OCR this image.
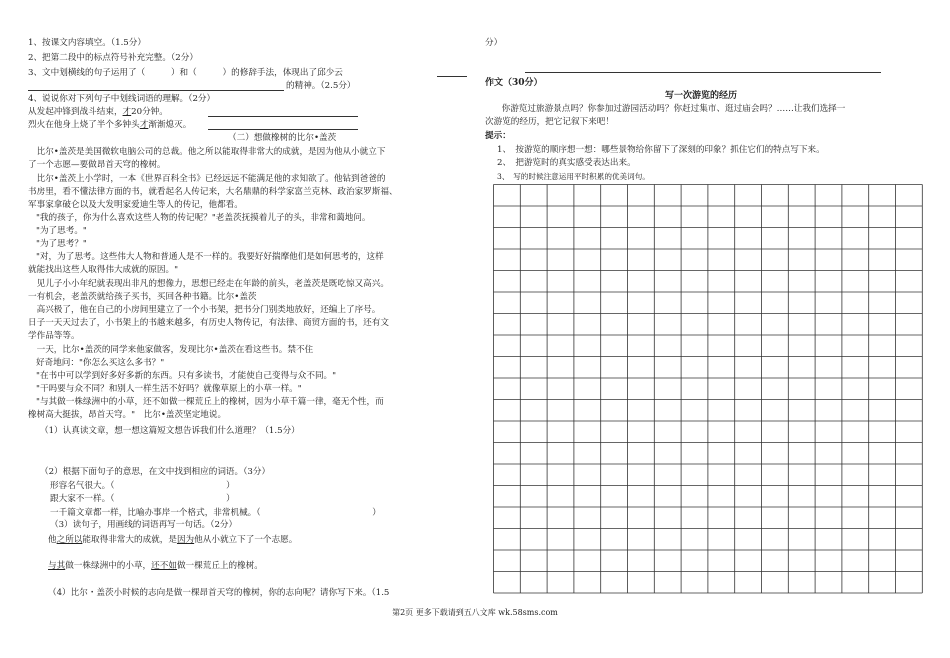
1、按课文内容填空。（1.5分）
2、把第二段中的标点符号补充完整。（2分）
3、文中划横线的句子运用了（　　　）和（　　　）的修辞手法，体现出了邱少云
的精神。（2.5分）
4、说说你对下列句子中划线词语的理解。（2分）
从发起冲锋到战斗结束，才20分钟。
烈火在他身上烧了半个多钟头才渐渐熄灭。
（二）想做橡树的比尔•盖茨
　比尔•盖茨是美国微软电脑公司的总裁。他之所以能取得非常大的成就，是因为他从小就立下
了一个志愿—要做昂首天穹的橡树。
　比尔•盖茨上小学时，一本《世界百科全书》已经远远不能满足他的求知欲了。他钻到爸爸的
书房里，看不懂法律方面的书，就看起名人传记来，大名鼎鼎的科学家富兰克林、政治家罗斯福、
军事家拿破仑以及大发明家爱迪生等人的传记，他都看。
"我的孩子，你为什么喜欢这些人物的传记呢？"老盖茨抚摸着儿子的头，非常和蔼地问。
"为了思考。"
"为了思考？"
"对，为了思考。这些伟大人物和普通人是不一样的。我要好好揣摩他们是如何思考的，这样
就能找出这些人取得伟大成就的原因。"
　见儿子小小年纪就表现出非凡的想像力，思想已经走在年龄的前头，老盖茨是既吃惊又高兴。
一有机会，老盖茨就给孩子买书，买回各种书籍。比尔•盖茨
　高兴极了，他在自己的小房间里建立了一个小书架，把书分门别类地放好，还编上了序号。
日子一天天过去了，小书架上的书越来越多，有历史人物传记，有法律、商贸方面的书，还有文
学作品等等。
　一天，比尔•盖茨的同学来他家做客，发现比尔•盖茨在看这些书。禁不住
好奇地问："你怎么买这么多书？"
"在书中可以学到好多好多新的东西。只有多读书，才能使自己变得与众不同。"
"干吗要与众不同？和别人一样生活不好吗？就像草原上的小草一样。"
"与其做一株绿洲中的小草，还不如做一棵荒丘上的橡树，因为小草千篇一律，毫无个性，而
橡树高大挺拔，昂首天穹。"　比尔•盖茨坚定地说。
（1）认真读文章，想一想这篇短文想告诉我们什么道理？（1.5分）
（2）根据下面句子的意思，在文中找到相应的词语。（3分）
形容名气很大。（　　　　　　　　　　　　　）
跟大家不一样。（　　　　　　　　　　　　　）
一千篇文章都一样，比喻办事岸一个格式，非常机械。（　　　　　　　　　　　　　）
（3）读句子，用画线的词语再写一句话。（2分）
他之所以能取得非常大的成就，是因为他从小就立下了一个志愿。
与其做一株绿洲中的小草，还不如做一棵荒丘上的橡树。
（4）比尔・盖茨小时候的志向是做一棵昂首天穹的橡树，你的志向呢？请你写下来。（1.5
分）
作文（30分）
写一次游览的经历
　你游览过旅游景点吗？你参加过游园活动吗？你赶过集市、逛过庙会吗？……让我们选择一
次游览的经历，把它记叙下来吧！
提示：
1、　按游览的顺序想一想：哪些景物给你留下了深刻的印象？抓住它们的特点写下来。
2、　把游览时的真实感受表达出来。
3、　写的时候注意运用平时积累的优美词句。
第2页 更多下载请到五八文库 wk.58sms.com
